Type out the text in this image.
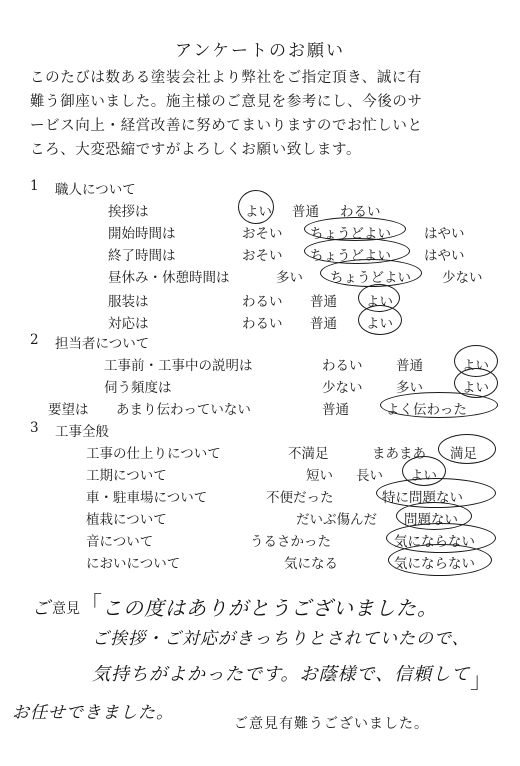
アンケートのお願い
このたびは数ある塗装会社より弊社をご指定頂き、誠に有
難う御座いました。施主様のご意見を参考にし、今後のサ
ービス向上・経営改善に努めてまいりますのでお忙しいと
ころ、大変恐縮ですがよろしくお願い致します。
1 職人について
挨拶は	よい 普通 わるい
開始時間は	おそい ちょうどよい はやい
終了時間は	おそい ちょうどよい はやい
昼休み・休憩時間は	多い ちょうどよい 少ない
服装は	わるい 普通 よい
対応は	わるい 普通 よい
2 担当者について
工事前・工事中の説明は	わるい 普通	よい
伺う頻度は	少ない 多い	よい
要望は あまり伝わっていない	普通	よく伝わった
3 工事全般
工事の仕上りについて	不満足	まあまあ 満足
工期について	短い 長い よい
車・駐車場について	不便だった	特に問題ない
植栽について	だいぶ傷んだ 問題ない
音について	うるさかった	気にならない
においについて	気になる	気にならない
ご 意見 「 この度はありがとうございました。
ご挨拶・ご対応がきっちりとされていたので、
気持ちがよかったです。お蔭様で、信頼して 」
お任せできました。
ご意見有難うございました。
